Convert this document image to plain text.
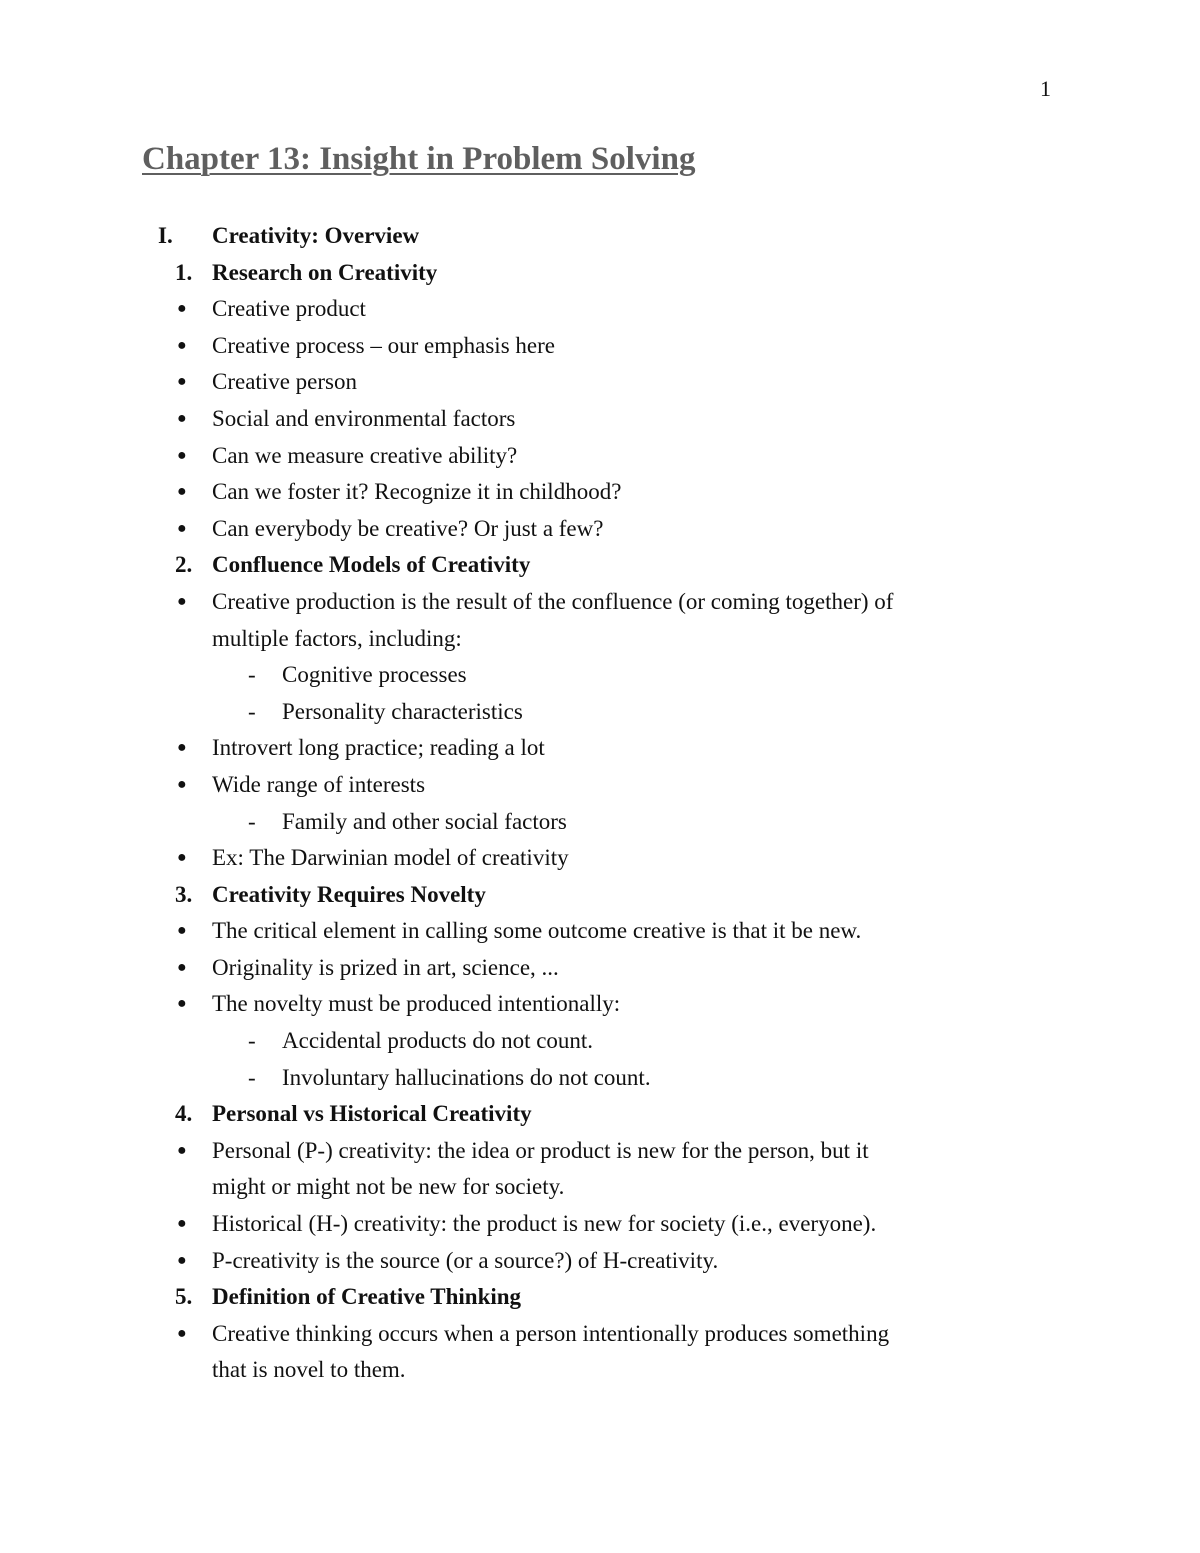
1
Chapter 13: Insight in Problem Solving
I. Creativity: Overview
1. Research on Creativity
● Creative product
● Creative process – our emphasis here
● Creative person
● Social and environmental factors
● Can we measure creative ability?
● Can we foster it? Recognize it in childhood?
● Can everybody be creative? Or just a few?
2. Confluence Models of Creativity
● Creative production is the result of the confluence (or coming together) of
multiple factors, including:
- Cognitive processes
- Personality characteristics
● Introvert long practice; reading a lot
● Wide range of interests
- Family and other social factors
● Ex: The Darwinian model of creativity
3. Creativity Requires Novelty
● The critical element in calling some outcome creative is that it be new.
● Originality is prized in art, science, ...
● The novelty must be produced intentionally:
- Accidental products do not count.
- Involuntary hallucinations do not count.
4. Personal vs Historical Creativity
● Personal (P-) creativity: the idea or product is new for the person, but it
might or might not be new for society.
● Historical (H-) creativity: the product is new for society (i.e., everyone).
● P-creativity is the source (or a source?) of H-creativity.
5. Definition of Creative Thinking
● Creative thinking occurs when a person intentionally produces something
that is novel to them.
